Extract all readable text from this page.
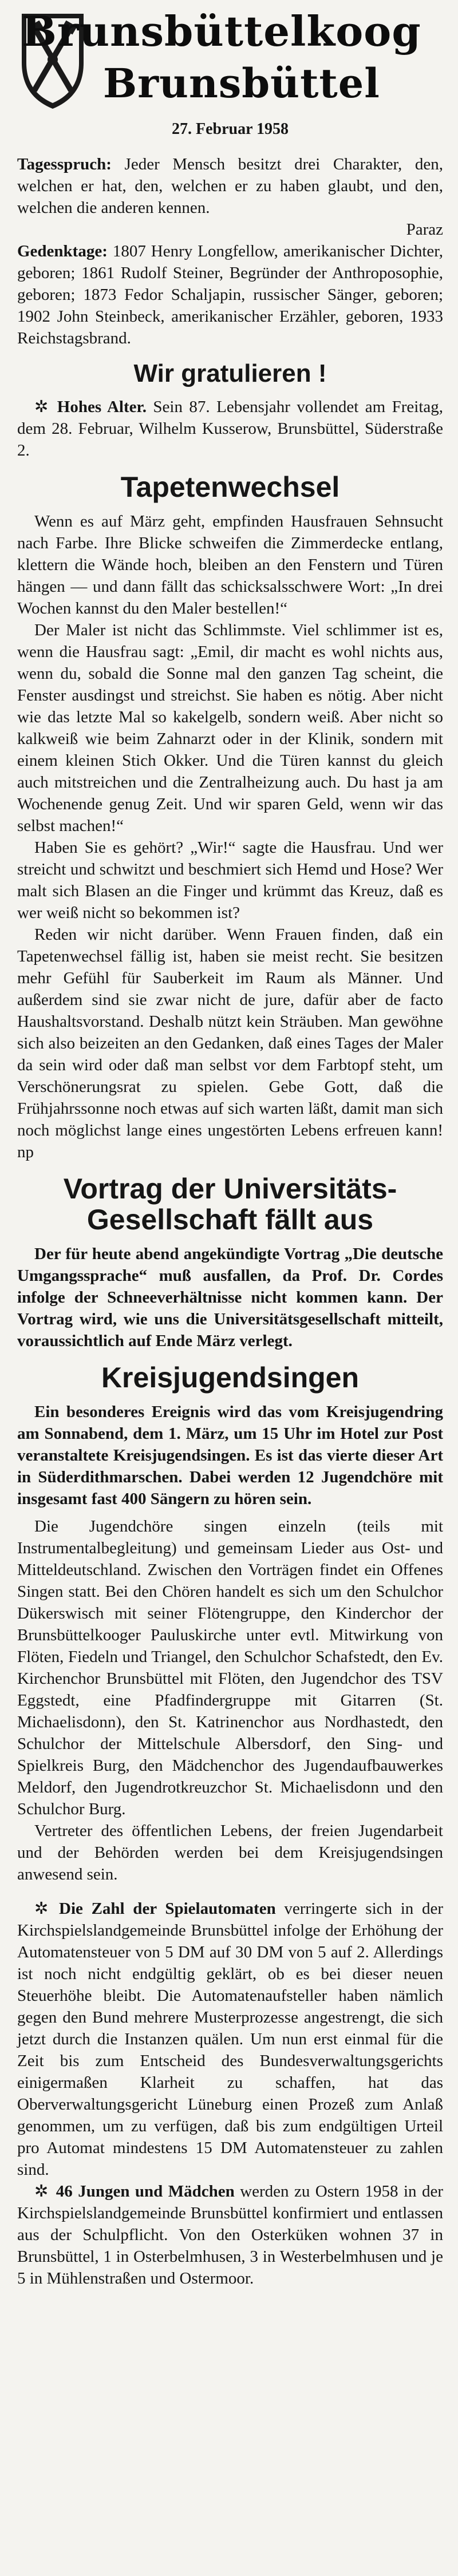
Brunsbüttelkoog
Brunsbüttel
27. Februar 1958

Tagesspruch: Jeder Mensch besitzt drei Charakter, den, welchen er hat, den, welchen er zu haben glaubt, und den, welchen die anderen kennen.

Paraz

Gedenktage: 1807 Henry Longfellow, amerikanischer Dichter, geboren; 1861 Rudolf Steiner, Begründer der Anthroposophie, geboren; 1873 Fedor Schaljapin, russischer Sänger, geboren; 1902 John Steinbeck, amerikanischer Erzähler, geboren, 1933 Reichstagsbrand.

Wir gratulieren !

✲ Hohes Alter. Sein 87. Lebensjahr vollendet am Freitag, dem 28. Februar, Wilhelm Kusserow, Brunsbüttel, Süderstraße 2.

Tapetenwechsel

Wenn es auf März geht, empfinden Hausfrauen Sehnsucht nach Farbe. Ihre Blicke schweifen die Zimmerdecke entlang, klettern die Wände hoch, bleiben an den Fenstern und Türen hängen — und dann fällt das schicksalsschwere Wort: „In drei Wochen kannst du den Maler bestellen!“

Der Maler ist nicht das Schlimmste. Viel schlimmer ist es, wenn die Hausfrau sagt: „Emil, dir macht es wohl nichts aus, wenn du, sobald die Sonne mal den ganzen Tag scheint, die Fenster ausdingst und streichst. Sie haben es nötig. Aber nicht wie das letzte Mal so kakelgelb, sondern weiß. Aber nicht so kalkweiß wie beim Zahnarzt oder in der Klinik, sondern mit einem kleinen Stich Okker. Und die Türen kannst du gleich auch mitstreichen und die Zentralheizung auch. Du hast ja am Wochenende genug Zeit. Und wir sparen Geld, wenn wir das selbst machen!“

Haben Sie es gehört? „Wir!“ sagte die Hausfrau. Und wer streicht und schwitzt und beschmiert sich Hemd und Hose? Wer malt sich Blasen an die Finger und krümmt das Kreuz, daß es wer weiß nicht so bekommen ist?

Reden wir nicht darüber. Wenn Frauen finden, daß ein Tapetenwechsel fällig ist, haben sie meist recht. Sie besitzen mehr Gefühl für Sauberkeit im Raum als Männer. Und außerdem sind sie zwar nicht de jure, dafür aber de facto Haushaltsvorstand. Deshalb nützt kein Sträuben. Man gewöhne sich also beizeiten an den Gedanken, daß eines Tages der Maler da sein wird oder daß man selbst vor dem Farbtopf steht, um Verschönerungsrat zu spielen. Gebe Gott, daß die Frühjahrssonne noch etwas auf sich warten läßt, damit man sich noch möglichst lange eines ungestörten Lebens erfreuen kann! np

Vortrag der Universitäts-Gesellschaft fällt aus

Der für heute abend angekündigte Vortrag „Die deutsche Umgangssprache“ muß ausfallen, da Prof. Dr. Cordes infolge der Schneeverhältnisse nicht kommen kann. Der Vortrag wird, wie uns die Universitätsgesellschaft mitteilt, voraussichtlich auf Ende März verlegt.

Kreisjugendsingen

Ein besonderes Ereignis wird das vom Kreisjugendring am Sonnabend, dem 1. März, um 15 Uhr im Hotel zur Post veranstaltete Kreisjugendsingen. Es ist das vierte dieser Art in Süderdithmarschen. Dabei werden 12 Jugendchöre mit insgesamt fast 400 Sängern zu hören sein.

Die Jugendchöre singen einzeln (teils mit Instrumentalbegleitung) und gemeinsam Lieder aus Ost- und Mitteldeutschland. Zwischen den Vorträgen findet ein Offenes Singen statt. Bei den Chören handelt es sich um den Schulchor Dükerswisch mit seiner Flötengruppe, den Kinderchor der Brunsbüttelkooger Pauluskirche unter evtl. Mitwirkung von Flöten, Fiedeln und Triangel, den Schulchor Schafstedt, den Ev. Kirchenchor Brunsbüttel mit Flöten, den Jugendchor des TSV Eggstedt, eine Pfadfindergruppe mit Gitarren (St. Michaelisdonn), den St. Katrinenchor aus Nordhastedt, den Schulchor der Mittelschule Albersdorf, den Sing- und Spielkreis Burg, den Mädchenchor des Jugendaufbauwerkes Meldorf, den Jugendrotkreuzchor St. Michaelisdonn und den Schulchor Burg.

Vertreter des öffentlichen Lebens, der freien Jugendarbeit und der Behörden werden bei dem Kreisjugendsingen anwesend sein.

✲ Die Zahl der Spielautomaten verringerte sich in der Kirchspielslandgemeinde Brunsbüttel infolge der Erhöhung der Automatensteuer von 5 DM auf 30 DM von 5 auf 2. Allerdings ist noch nicht endgültig geklärt, ob es bei dieser neuen Steuerhöhe bleibt. Die Automatenaufsteller haben nämlich gegen den Bund mehrere Musterprozesse angestrengt, die sich jetzt durch die Instanzen quälen. Um nun erst einmal für die Zeit bis zum Entscheid des Bundesverwaltungsgerichts einigermaßen Klarheit zu schaffen, hat das Oberverwaltungsgericht Lüneburg einen Prozeß zum Anlaß genommen, um zu verfügen, daß bis zum endgültigen Urteil pro Automat mindestens 15 DM Automatensteuer zu zahlen sind.

✲ 46 Jungen und Mädchen werden zu Ostern 1958 in der Kirchspielslandgemeinde Brunsbüttel konfirmiert und entlassen aus der Schulpflicht. Von den Osterküken wohnen 37 in Brunsbüttel, 1 in Osterbelmhusen, 3 in Westerbelmhusen und je 5 in Mühlenstraßen und Ostermoor.
